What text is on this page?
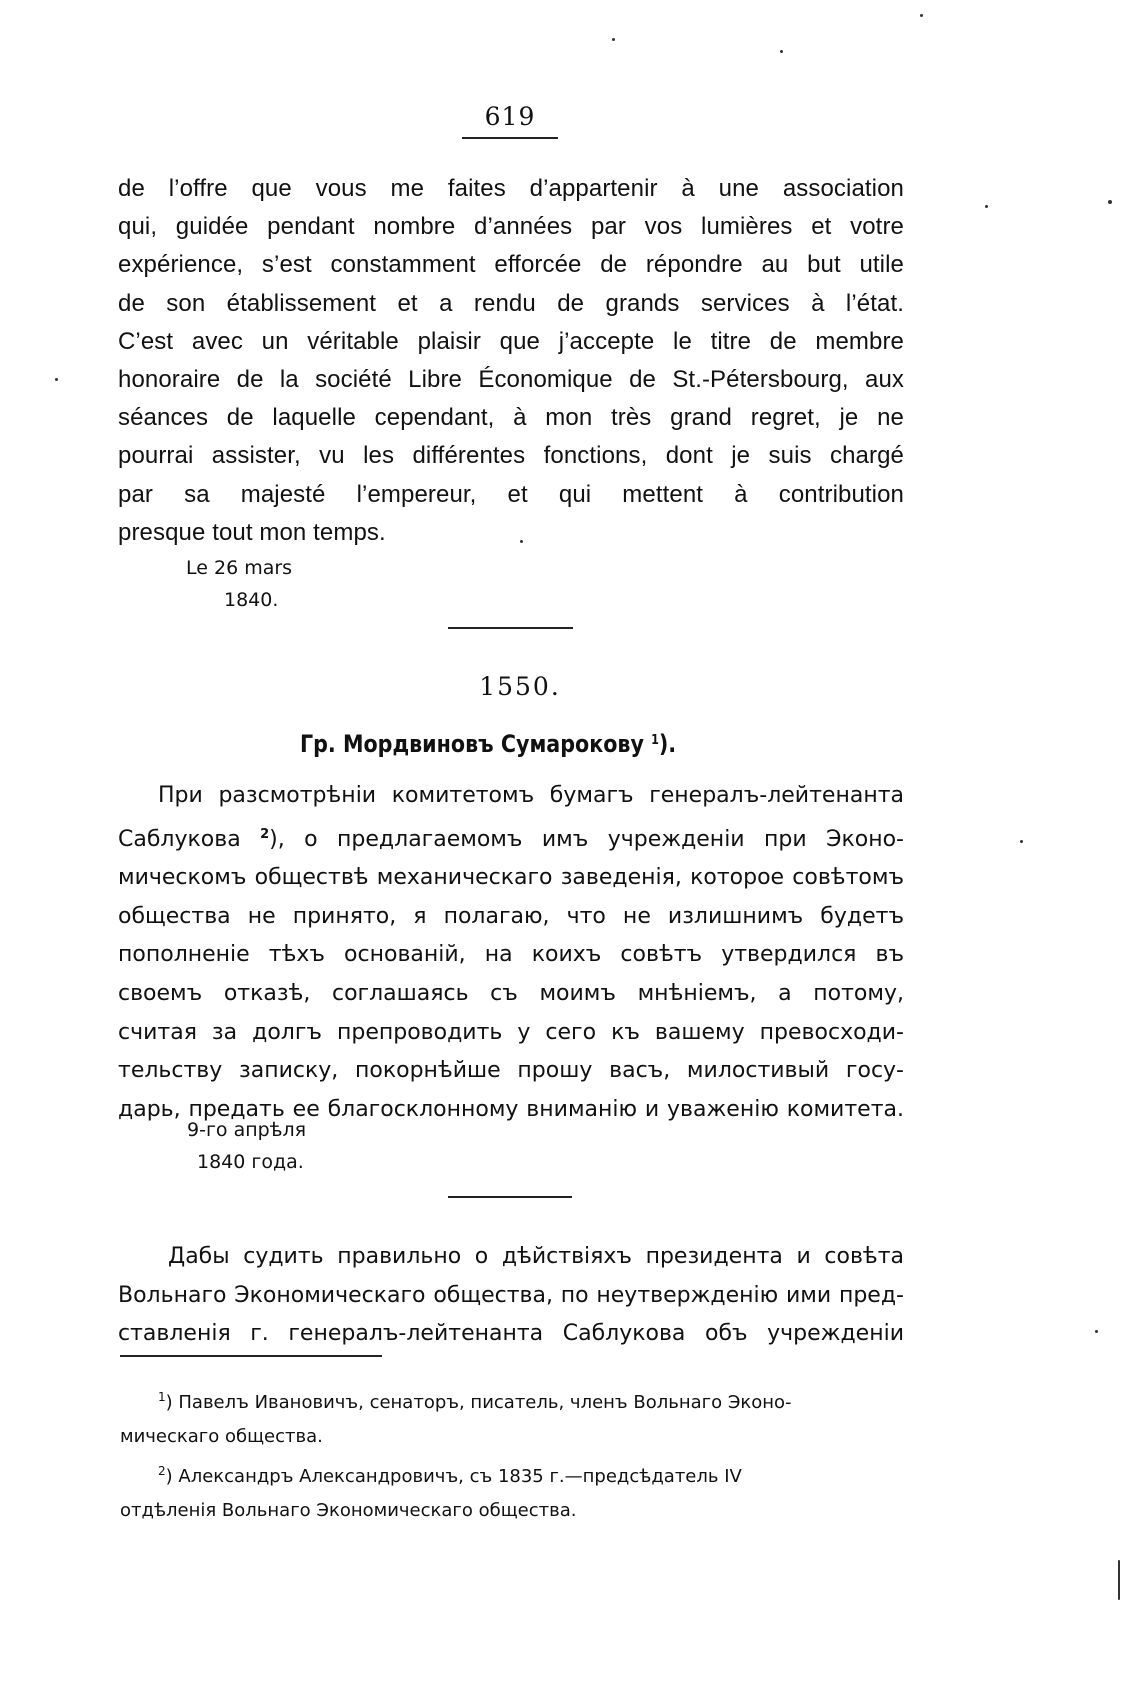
619
de l’offre que vous me faites d’appartenir à une association
qui, guidée pendant nombre d’années par vos lumières et votre
expérience, s’est constamment efforcée de répondre au but utile
de son établissement et a rendu de grands services à l’état.
C’est avec un véritable plaisir que j’accepte le titre de membre
honoraire de la société Libre Économique de St.-Pétersbourg, aux
séances de laquelle cependant, à mon très grand regret, je ne
pourrai assister, vu les différentes fonctions, dont je suis chargé
par sa majesté l’empereur, et qui mettent à contribution
presque tout mon temps.
Le 26 mars
1840.
1550.
Гр. Мордвиновъ Сумарокову $^1$).
При разсмотрѣніи комитетомъ бумагъ генералъ-лейтенанта
Саблукова $^2$), о предлагаемомъ имъ учрежденіи при Эконо-
мическомъ обществѣ механическаго заведенія, которое совѣтомъ
общества не принято, я полагаю, что не излишнимъ будетъ
пополненіе тѣхъ основаній, на коихъ совѣтъ утвердился въ
своемъ отказѣ, соглашаясь съ моимъ мнѣніемъ, а потому,
считая за долгъ препроводить у сего къ вашему превосходи-
тельству записку, покорнѣйше прошу васъ, милостивый госу-
дарь, предать ее благосклонному вниманію и уваженію комитета.
9-го апрѣля
1840 года.
Дабы судить правильно о дѣйствіяхъ президента и совѣта
Вольнаго Экономическаго общества, по неутвержденію ими пред-
ставленія г. генералъ-лейтенанта Саблукова объ учрежденіи
$^1$) Павелъ Ивановичъ, сенаторъ, писатель, членъ Вольнаго Эконо-
мическаго общества.
$^2$) Александръ Александровичъ, съ 1835 г.—предсѣдатель IV
отдѣленія Вольнаго Экономическаго общества.
